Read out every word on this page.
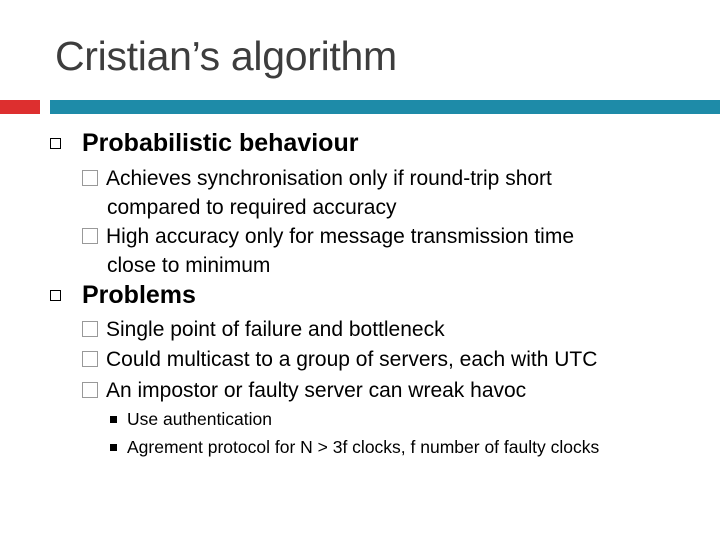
Cristian’s algorithm
Probabilistic behaviour
Achieves synchronisation only if round-trip short
compared to required accuracy
High accuracy only for message transmission time
close to minimum
Problems
Single point of failure and bottleneck
Could multicast to a group of servers, each with UTC
An impostor or faulty server can wreak havoc
Use authentication
Agrement protocol for N > 3f clocks, f number of faulty clocks
